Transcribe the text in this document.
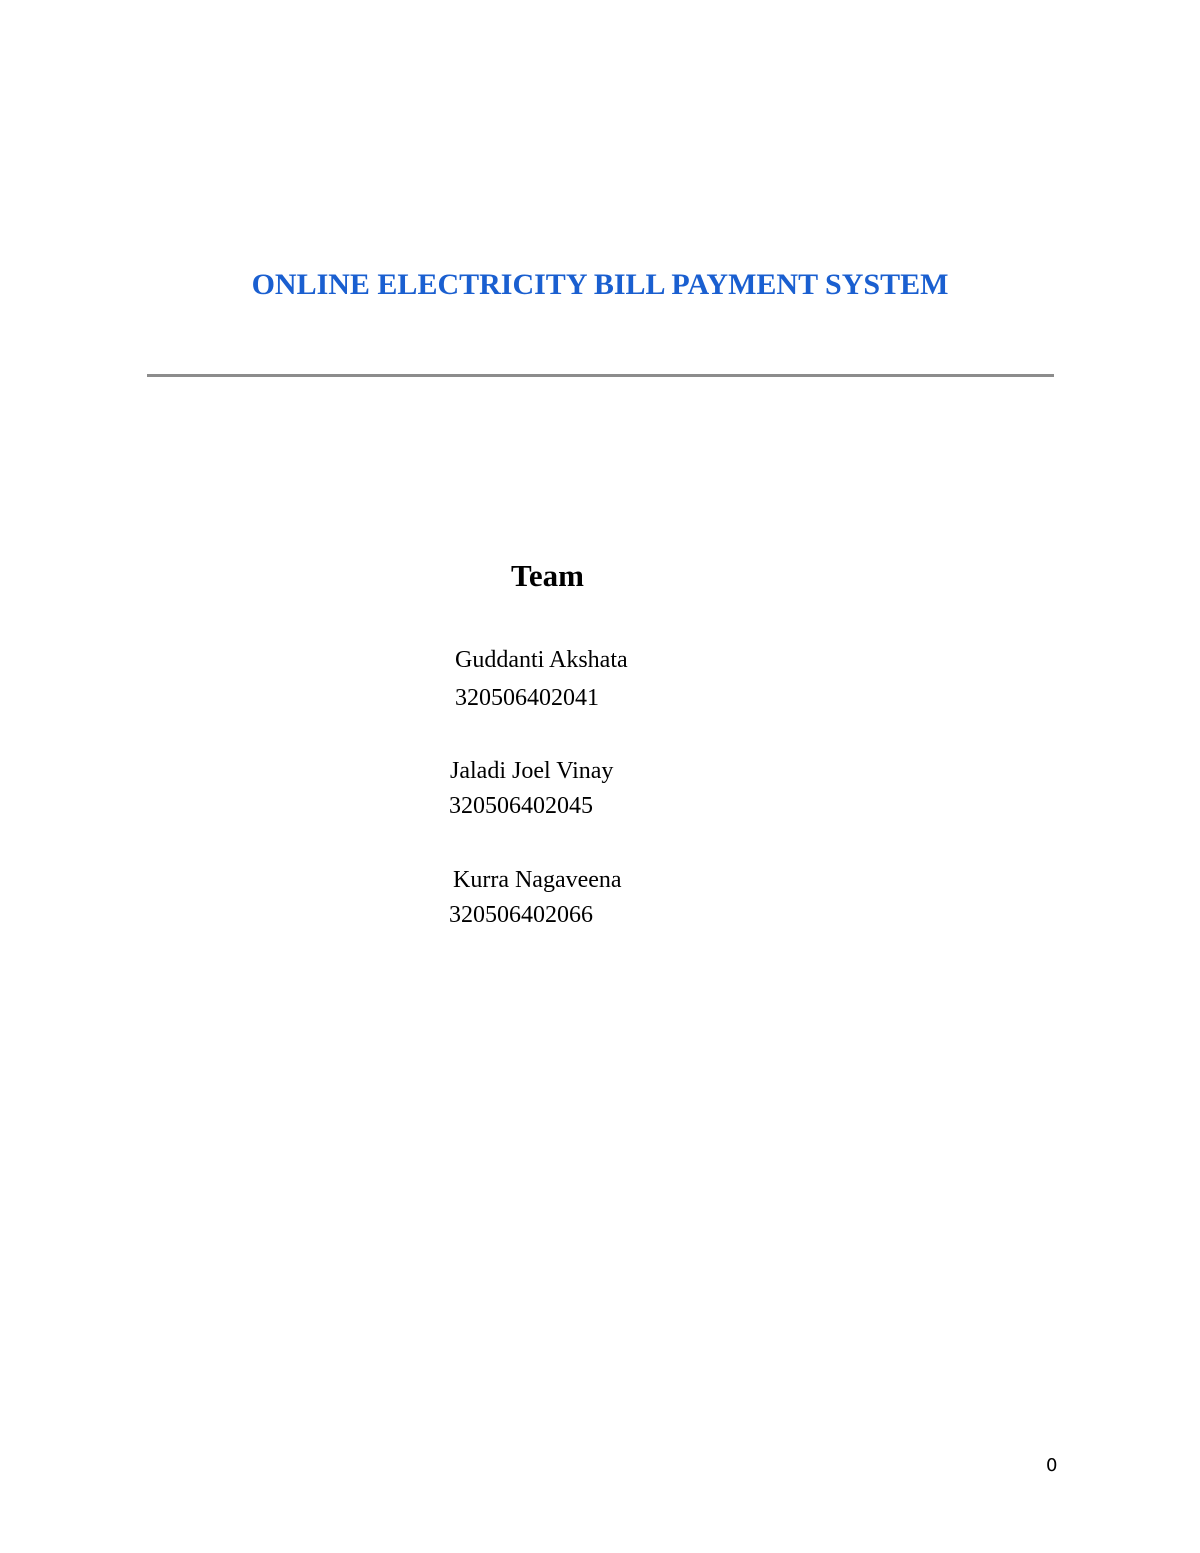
ONLINE ELECTRICITY BILL PAYMENT SYSTEM
Team
Guddanti Akshata
320506402041
Jaladi Joel Vinay
320506402045
Kurra Nagaveena
320506402066
0
